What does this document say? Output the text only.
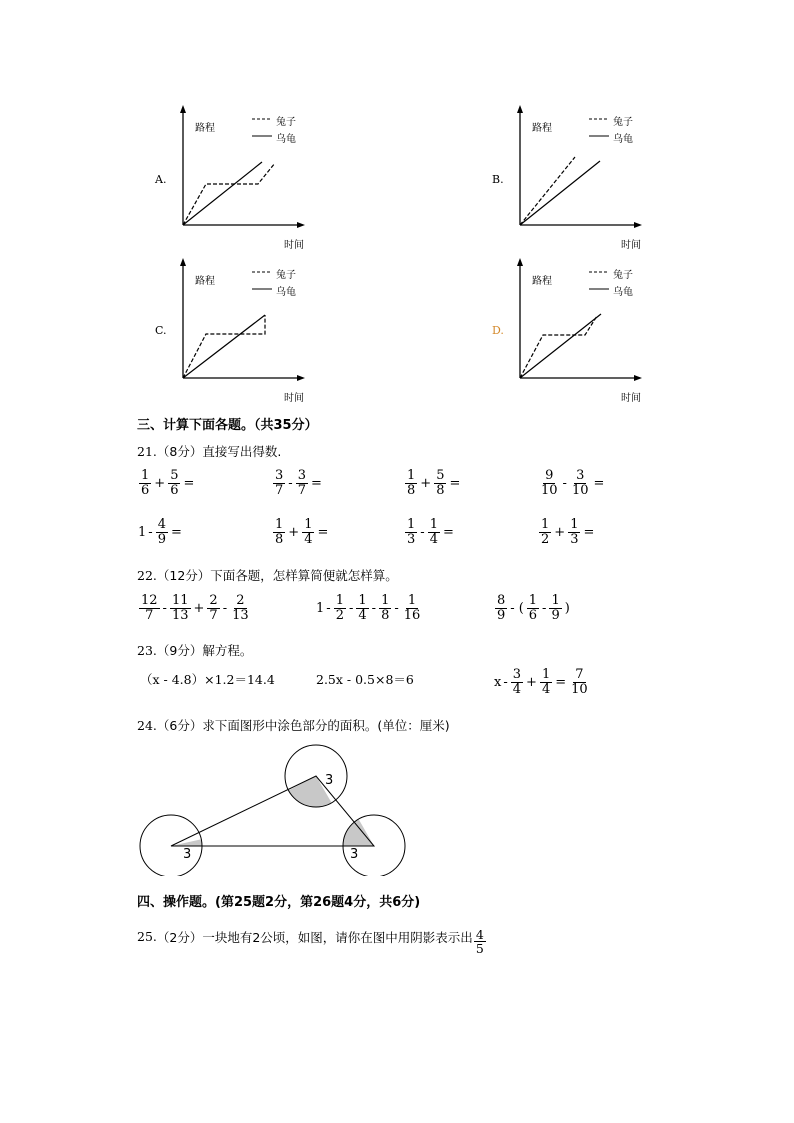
A.
路程
兔子
乌龟
时间
B.
路程
兔子
乌龟
时间
C.
路程
兔子
乌龟
时间
D.
路程
兔子
乌龟
时间
三、计算下面各题。（共35分）
21.（8分）直接写出得数.
$\frac{1}{6} + \frac{5}{6}$ =	$\frac{3}{7} - \frac{3}{7}$ =	$\frac{1}{8} + \frac{5}{8}$ =	$\frac{9}{10} - \frac{3}{10}$ =
$1 - \frac{4}{9}$ =	$\frac{1}{8} + \frac{1}{4}$ =	$\frac{1}{3} - \frac{1}{4}$ =	$\frac{1}{2} + \frac{1}{3}$ =
22.（12分）下面各题，怎样算简便就怎样算。
$\frac{12}{7} - \frac{11}{13} + \frac{2}{7} - \frac{2}{13}$	$1 - \frac{1}{2} - \frac{1}{4} - \frac{1}{8} - \frac{1}{16}$	$\frac{8}{9}$ - ( $\frac{1}{6} - \frac{1}{9}$ )
23.（9分）解方程。
（x - 4.8）×1.2＝14.4	2.5x - 0.5×8＝6	$x - \frac{3}{4} + \frac{1}{4} = \frac{7}{10}$
24.（6分）求下面图形中涂色部分的面积。(单位：厘米)
3
3
3
四、操作题。(第25题2分，第26题4分，共6分)
25. （2分） 一块地有2公顷，如图，请你在图中用阴影表示出 $\frac{4}{5}$
